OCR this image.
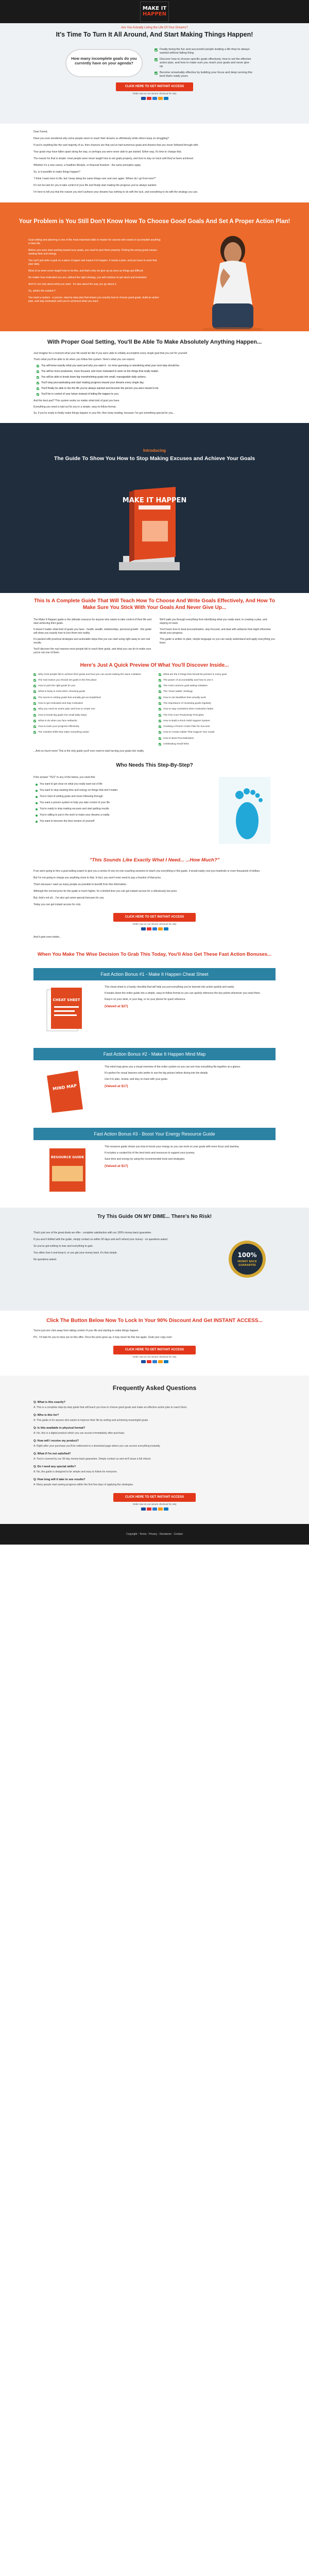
MAKE IT
HAPPEN
Are You Actually Living the Life Of Your Dreams?
It's Time To Turn It All Around, And Start Making Things Happen!
How many incomplete goals do you currently have on your agenda?
Finally being the fun and successful people leading a life they've always wanted without failing thing
Discover how to choose specific goals effectively, how to set the effective action plan, and how to make sure you reach your goals and never give up.
Become remarkably effective by building your focus and deep running this best that's really yours.
CLICK HERE TO GET INSTANT ACCESS
Order now on our secure checkout for only

Dear Friend,

Have you ever wondered why some people seem to reach their dreams so effortlessly while others keep on struggling?

If you're anything like the vast majority of us, then chances are that you've had numerous goals and dreams that you never followed through with.

Your goals may have fallen apart along the way, or perhaps you were never able to get started. Either way, it's time to change that.

The reason for that is simple: most people were never taught how to set goals properly, and how to stay on track until they've been achieved.

Whether it's a new career, a healthier lifestyle, or financial freedom - the same principles apply.

So, is it possible to make things happen?

"I think I want more in life, but I keep doing the same things over and over again. Where do I go from here?"

It's not too late for you to take control of your life and finally start making the progress you've always wanted.

I'm here to tell you that the reason you don't achieve your dreams has nothing to do with the luck, and everything to do with the strategy you use.

Your Problem is You Still Don't Know How To Choose Good Goals And Set A Proper Action Plan!

Goal setting and planning is one of the most important skills to master for anyone who wants to accomplish anything in their life.

Before you even start working toward your goals, you need to pick them properly. Picking the wrong goals means wasting time and energy.

You can't just write a goal on a piece of paper and expect it to happen. It needs a plan, and you have to work that plan daily.

Most of us were never taught how to do this, and that's why we give up as soon as things get difficult.

No matter how motivated you are, without the right strategy, you will continue to get stuck and frustrated.

And it's not only about what you want - it's also about the way you go about it.

So, what's the solution?

You need a system - a proven, step-by-step plan that shows you exactly how to choose good goals, build an action plan, and stay motivated until you've achieved what you want.

With Proper Goal Setting, You'll Be Able To Make Absolutely Anything Happen...

Just imagine for a moment what your life would be like if you were able to reliably accomplish every single goal that you set for yourself.

That's what you'll be able to do when you follow this system. Here's what you can expect:

You will know exactly what you want and why you want it - no more guessing or wondering what your next step should be.
You will be more productive, more focused, and more motivated to work on the things that really matter.
You will be able to break down big overwhelming goals into small, manageable daily actions.
You'll stop procrastinating and start making progress toward your dreams every single day.
You'll finally be able to live the life you've always wanted and become the person you were meant to be.
You'll be in control of your future instead of letting life happen to you.

And the best part? This system works no matter what kind of goal you have.

Everything you need is laid out for you in a simple, easy-to-follow format.

So, if you're ready to finally make things happen in your life, then keep reading, because I've got something special for you...

Introducing
The Guide To Show You How to Stop Making Excuses and Achieve Your Goals
MAKE IT HAPPEN
This Is A Complete Guide That Will Teach How To Choose And Write Goals Effectively, And How To Make Sure You Stick With Your Goals And Never Give Up...

The Make It Happen guide is the ultimate resource for anyone who wants to take control of their life and start achieving their goals.

It doesn't matter what kind of goals you have - health, wealth, relationships, personal growth - this guide will show you exactly how to turn them into reality.

It's packed with practical strategies and actionable steps that you can start using right away to see real results.

You'll discover the real reasons most people fail to reach their goals, and what you can do to make sure you're not one of them.

We'll walk you through everything from identifying what you really want, to creating a plan, and staying on track.

You'll learn how to beat procrastination, stay focused, and deal with setbacks that might otherwise derail your progress.

This guide is written in plain, simple language so you can easily understand and apply everything you learn.

Here's Just A Quick Preview Of What You'll Discover Inside...
Why most people fail to achieve their goals and how you can avoid making the same mistakes
The real reason you should set goals in the first place
How to pick the right goals for you
What to keep in mind when choosing goals
The secret to writing goals that actually get accomplished
How to get motivated and stay motivated
Why you need an action plan and how to create one
How to break big goals into small daily steps
What to do when you face setbacks
How to track your progress effectively
The mindset shifts that make everything easier
What are the 5 things that should be present in every goal
The power of accountability and how to use it
The most common goal setting mistakes
The 'Goal Ladder' Strategy
How to set deadlines that actually work
The importance of reviewing goals regularly
How to stay consistent when motivation fades
The Five Core Productivity Principles
How to Build a Rock Solid Support System
Creating a Proven Action Plan for Success
How to Create Habits That Support Your Goals
How to Beat Procrastination
Celebrating Small Wins
...And so much more! This is the only guide you'll ever need to start turning your goals into reality.
Who Needs This Step-By-Step?

If the answer "YES" to any of the below, you need this:

You want to get clear on what you really want out of life
You want to stop wasting time and energy on things that don't matter
You're tired of setting goals and never following through
You want a proven system to help you take control of your life
You're ready to stop making excuses and start getting results
You're willing to put in the work to make your dreams a reality
You want to become the best version of yourself
"This Sounds Like Exactly What I Need... ...How Much?"

If we were going to hire a goal-setting expert to give you a series of one-on-one coaching sessions to teach you everything in this guide, it would easily cost you hundreds or even thousands of dollars.

But I'm not going to charge you anything close to that. In fact, you won't even need to pay a fraction of that price.

That's because I want as many people as possible to benefit from this information.

Although the normal price for the guide is much higher, for a limited time you can get instant access for a ridiculously low price.

But, that's not all... I've also got some special bonuses for you.

Today you can get instant access for only

CLICK HERE TO GET INSTANT ACCESS
Order now on our secure checkout for only

And it gets even better...

When You Make The Wise Decision To Grab This Today, You'll Also Get These Fast Action Bonuses...
Fast Action Bonus #1 - Make It Happen Cheat Sheet
CHEAT SHEET

This cheat sheet is a handy checklist that will help you put everything you've learned into action quickly and easily.

It breaks down the entire guide into a simple, easy-to-follow format so you can quickly reference the key points whenever you need them.

Keep it on your desk, in your bag, or on your phone for quick reference.

(Valued at $27)
Fast Action Bonus #2 - Make It Happen Mind Map
MIND MAP

This mind map gives you a visual overview of the entire system so you can see how everything fits together at a glance.

It's perfect for visual learners who prefer to see the big picture before diving into the details.

Use it to plan, review, and stay on track with your goals.

(Valued at $17)
Fast Action Bonus #3 - Boost Your Energy Resource Guide
RESOURCE GUIDE

This resource guide shows you how to boost your energy so you can work on your goals with more focus and stamina.

It includes a curated list of the best tools and resources to support your journey.

Save time and energy by using the recommended tools and strategies.

(Valued at $17)
Try This Guide ON MY DIME... There's No Risk!

That's just one of the great deals we offer - complete satisfaction with our 100% money-back guarantee.

If you aren't thrilled with the guide, simply contact us within 30 days and we'll refund your money - no questions asked.

So you've got nothing to lose and everything to gain.

You either love it and keep it, or you get your money back. It's that simple.

No questions asked.

100%
MONEY BACK
GUARANTEE
Click The Button Below Now To Lock In Your 90% Discount And Get INSTANT ACCESS...

You're just one click away from taking control of your life and starting to make things happen.

PS - I'd hate for you to miss out on this offer. Once the price goes up, it may never be this low again. Grab your copy now!

CLICK HERE TO GET INSTANT ACCESS
Order now on our secure checkout for only
Frequently Asked Questions
Q: What is this exactly?
A: This is a complete step-by-step guide that will teach you how to choose good goals and make an effective action plan to reach them.
Q: Who is this for?
A: This guide is for anyone who wants to improve their life by setting and achieving meaningful goals.
Q: Is this available in physical format?
A: No, this is a digital product which you can access immediately after purchase.
Q: How will I receive my product?
A: Right after your purchase you'll be redirected to a download page where you can access everything instantly.
Q: What if I'm not satisfied?
A: You're covered by our 30-day money-back guarantee. Simply contact us and we'll issue a full refund.
Q: Do I need any special skills?
A: No, the guide is designed to be simple and easy to follow for everyone.
Q: How long will it take to see results?
A: Many people start seeing progress within the first few days of applying the strategies.
CLICK HERE TO GET INSTANT ACCESS
Order now on our secure checkout for only
Copyright - Terms · Privacy · Disclaimer · Contact
